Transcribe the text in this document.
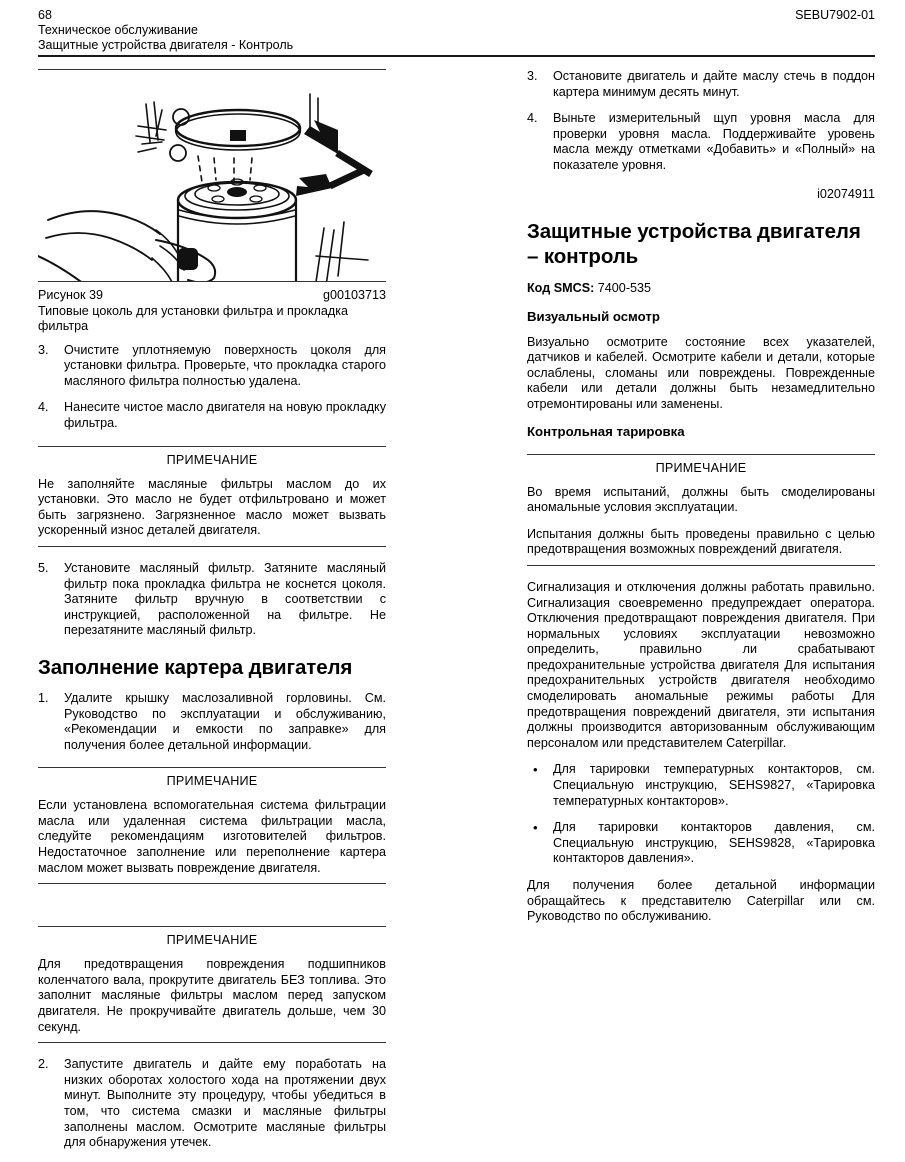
68	SEBU7902-01
Техническое обслуживание
Защитные устройства двигателя - Контроль
Рисунок 39	g00103713
Типовые цоколь для установки фильтра и прокладка фильтра
3.	Очистите уплотняемую поверхность цоколя для установки фильтра. Проверьте, что прокладка старого масляного фильтра полностью удалена.
4.	Нанесите чистое масло двигателя на новую прокладку фильтра.
ПРИМЕЧАНИЕ

Не заполняйте масляные фильтры маслом до их установки. Это масло не будет отфильтровано и может быть загрязнено. Загрязненное масло может вызвать ускоренный износ деталей двигателя.

5.	Установите масляный фильтр. Затяните масляный фильтр пока прокладка фильтра не коснется цоколя. Затяните фильтр вручную в соответствии с инструкцией, расположенной на фильтре. Не перезатяните масляный фильтр.
Заполнение картера двигателя
1.	Удалите крышку маслозаливной горловины. См. Руководство по эксплуатации и обслуживанию, «Рекомендации и емкости по заправке» для получения более детальной информации.
ПРИМЕЧАНИЕ

Если установлена вспомогательная система фильтрации масла или удаленная система фильтрации масла, следуйте рекомендациям изготовителей фильтров. Недостаточное заполнение или переполнение картера маслом может вызвать повреждение двигателя.

ПРИМЕЧАНИЕ

Для предотвращения повреждения подшипников коленчатого вала, прокрутите двигатель БЕЗ топлива. Это заполнит масляные фильтры маслом перед запуском двигателя. Не прокручивайте двигатель дольше, чем 30 секунд.

2.	Запустите двигатель и дайте ему поработать на низких оборотах холостого хода на протяжении двух минут. Выполните эту процедуру, чтобы убедиться в том, что система смазки и масляные фильтры заполнены маслом. Осмотрите масляные фильтры для обнаружения утечек.
3.	Остановите двигатель и дайте маслу стечь в поддон картера минимум десять минут.
4.	Выньте измерительный щуп уровня масла для проверки уровня масла. Поддерживайте уровень масла между отметками «Добавить» и «Полный» на показателе уровня.
i02074911
Защитные устройства двигателя – контроль
Код SMCS: 7400-535
Визуальный осмотр

Визуально осмотрите состояние всех указателей, датчиков и кабелей. Осмотрите кабели и детали, которые ослаблены, сломаны или повреждены. Поврежденные кабели или детали должны быть незамедлительно отремонтированы или заменены.

Контрольная тарировка
ПРИМЕЧАНИЕ

Во время испытаний, должны быть смоделированы аномальные условия эксплуатации.

Испытания должны быть проведены правильно с целью предотвращения возможных повреждений двигателя.

Сигнализация и отключения должны работать правильно. Сигнализация своевременно предупреждает оператора. Отключения предотвращают повреждения двигателя. При нормальных условиях эксплуатации невозможно определить, правильно ли срабатывают предохранительные устройства двигателя Для испытания предохранительных устройств двигателя необходимо смоделировать аномальные режимы работы Для предотвращения повреждений двигателя, эти испытания должны производится авторизованным обслуживающим персоналом или представителем Caterpillar.

• Для тарировки температурных контакторов, см. Специальную инструкцию, SEHS9827, «Тарировка температурных контакторов».
• Для тарировки контакторов давления, см. Специальную инструкцию, SEHS9828, «Тарировка контакторов давления».

Для получения более детальной информации обращайтесь к представителю Caterpillar или см. Руководство по обслуживанию.
